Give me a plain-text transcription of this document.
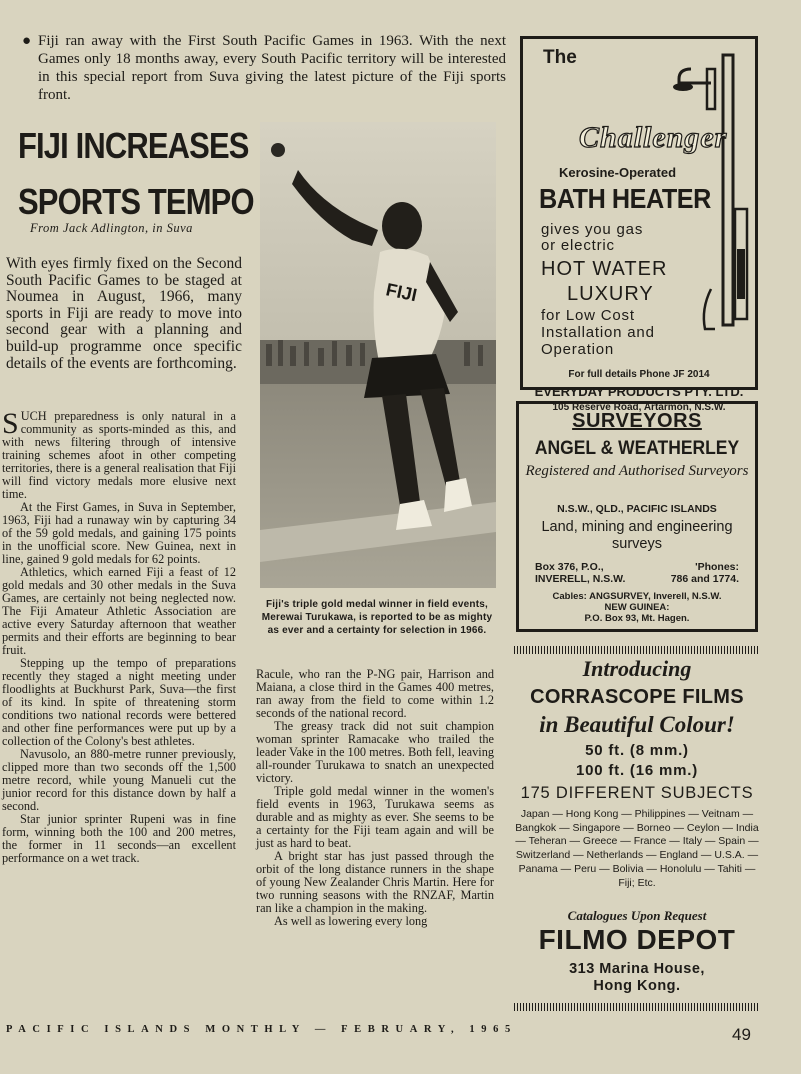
● Fiji ran away with the First South Pacific Games in 1963. With the next Games only 18 months away, every South Pacific territory will be interested in this special report from Suva giving the latest picture of the Fiji sports front.

FIJI INCREASES
SPORTS TEMPO
From Jack Adlington, in Suva

With eyes firmly fixed on the Second South Pacific Games to be staged at Noumea in August, 1966, many sports in Fiji are ready to move into second gear with a planning and build-up programme once specific details of the events are forthcoming.

SUCH preparedness is only natural in a community as sports-minded as this, and with news filtering through of intensive training schemes afoot in other competing territories, there is a general realisation that Fiji will find victory medals more elusive next time.

At the First Games, in Suva in September, 1963, Fiji had a runaway win by capturing 34 of the 59 gold medals, and gaining 175 points in the unofficial score. New Guinea, next in line, gained 9 gold medals for 62 points.

Athletics, which earned Fiji a feast of 12 gold medals and 30 other medals in the Suva Games, are certainly not being neglected now. The Fiji Amateur Athletic Association are active every Saturday afternoon that weather permits and their efforts are beginning to bear fruit.

Stepping up the tempo of preparations recently they staged a night meeting under floodlights at Buckhurst Park, Suva—the first of its kind. In spite of threatening storm conditions two national records were bettered and other fine performances were put up by a collection of the Colony's best athletes.

Navusolo, an 880-metre runner previously, clipped more than two seconds off the 1,500 metre record, while young Manueli cut the junior record for this distance down by half a second.

Star junior sprinter Rupeni was in fine form, winning both the 100 and 200 metres, the former in 11 seconds—an excellent performance on a wet track.

FIJI
Fiji's triple gold medal winner in field events, Merewai Turukawa, is reported to be as mighty as ever and a certainty for selection in 1966.

Racule, who ran the P-NG pair, Harrison and Maiana, a close third in the Games 400 metres, ran away from the field to come within 1.2 seconds of the national record.

The greasy track did not suit champion woman sprinter Ramacake who trailed the leader Vake in the 100 metres. Both fell, leaving all-rounder Turukawa to snatch an unexpected victory.

Triple gold medal winner in the women's field events in 1963, Turukawa seems as durable and as mighty as ever. She seems to be a certainty for the Fiji team again and will be just as hard to beat.

A bright star has just passed through the orbit of the long distance runners in the shape of young New Zealander Chris Martin. Here for two running seasons with the RNZAF, Martin ran like a champion in the making.

As well as lowering every long

The
Challenger
Kerosine-Operated
BATH HEATER
gives you gas
or electric
HOT WATER
LUXURY
for Low Cost
Installation and
Operation
For full details Phone JF 2014
EVERYDAY PRODUCTS PTY. LTD.
105 Reserve Road, Artarmon, N.S.W.
SURVEYORS
ANGEL & WEATHERLEY
Registered and Authorised Surveyors
N.S.W., QLD., PACIFIC ISLANDS
Land, mining and engineering surveys
Box 376, P.O.,	'Phones:
INVERELL, N.S.W.	786 and 1774.
Cables: ANGSURVEY, Inverell, N.S.W.
NEW GUINEA:
P.O. Box 93, Mt. Hagen.
Introducing
CORRASCOPE FILMS
in Beautiful Colour!
50 ft. (8 mm.)
100 ft. (16 mm.)
175 DIFFERENT SUBJECTS
Japan — Hong Kong — Philippines — Veitnam — Bangkok — Singapore — Borneo — Ceylon — India — Teheran — Greece — France — Italy — Spain — Switzerland — Netherlands — England — U.S.A. — Panama — Peru — Bolivia — Honolulu — Tahiti — Fiji; Etc.
Catalogues Upon Request
FILMO DEPOT
313 Marina House,
Hong Kong.
PACIFIC ISLANDS MONTHLY — FEBRUARY, 1965	49
